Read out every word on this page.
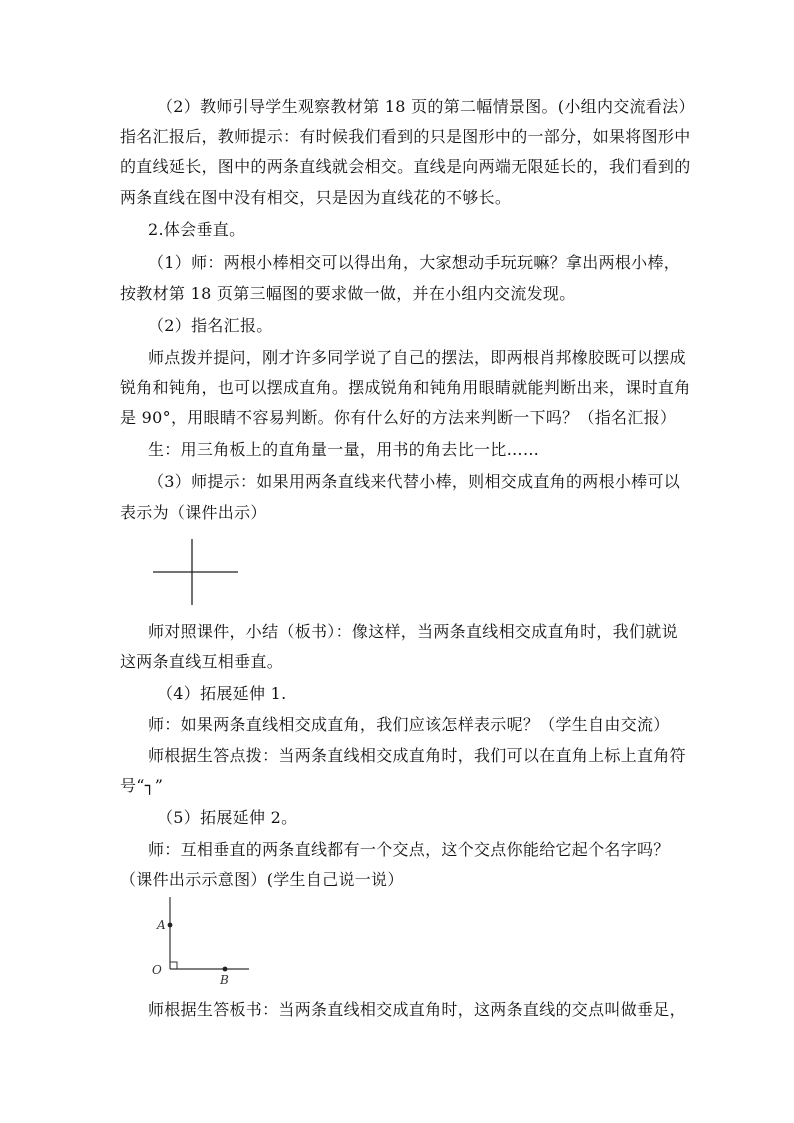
（2）教师引导学生观察教材第 18 页的第二幅情景图。(小组内交流看法）
指名汇报后，教师提示：有时候我们看到的只是图形中的一部分，如果将图形中
的直线延长，图中的两条直线就会相交。直线是向两端无限延长的，我们看到的
两条直线在图中没有相交，只是因为直线花的不够长。
2.体会垂直。
（1）师：两根小棒相交可以得出角，大家想动手玩玩嘛？拿出两根小棒，
按教材第 18 页第三幅图的要求做一做，并在小组内交流发现。
（2）指名汇报。
师点拨并提问，刚才许多同学说了自己的摆法，即两根肖邦橡胶既可以摆成
锐角和钝角，也可以摆成直角。摆成锐角和钝角用眼睛就能判断出来，课时直角
是 90°，用眼睛不容易判断。你有什么好的方法来判断一下吗？（指名汇报）
生：用三角板上的直角量一量，用书的角去比一比……
（3）师提示：如果用两条直线来代替小棒，则相交成直角的两根小棒可以
表示为（课件出示）
师对照课件，小结（板书）：像这样，当两条直线相交成直角时，我们就说
这两条直线互相垂直。
（4）拓展延伸 1.
师：如果两条直线相交成直角，我们应该怎样表示呢？（学生自由交流）
师根据生答点拨：当两条直线相交成直角时，我们可以在直角上标上直角符
号“┐”
（5）拓展延伸 2。
师：互相垂直的两条直线都有一个交点，这个交点你能给它起个名字吗？
（课件出示示意图）(学生自己说一说）
A
O
B
师根据生答板书：当两条直线相交成直角时，这两条直线的交点叫做垂足，
